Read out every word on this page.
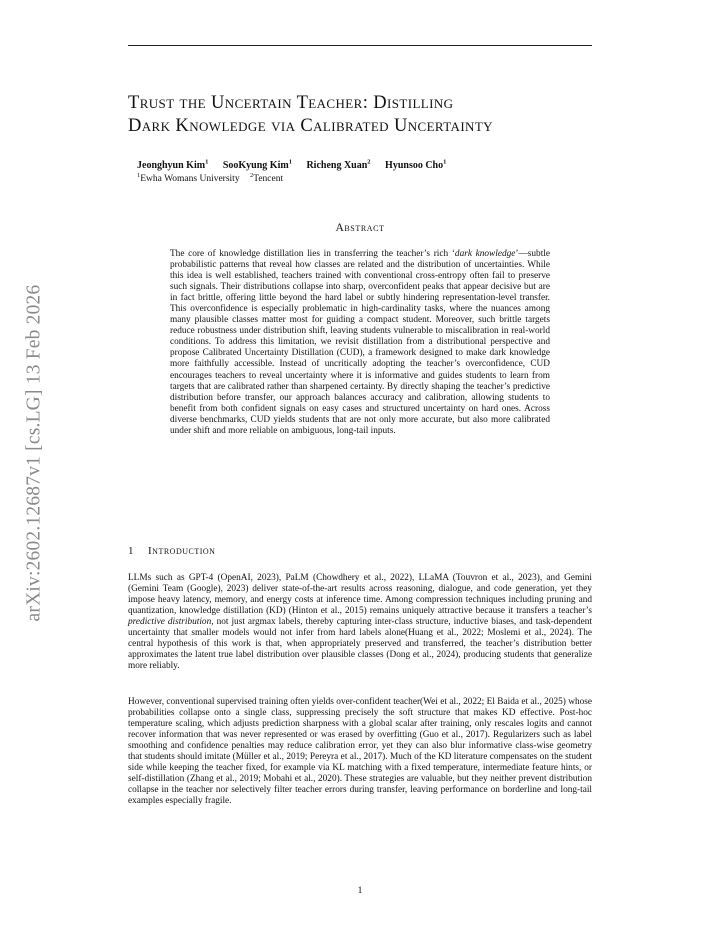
arXiv:2602.12687v1 [cs.LG] 13 Feb 2026
Trust the Uncertain Teacher: Distilling
Dark Knowledge via Calibrated Uncertainty
Jeonghyun Kim$^1$ SooKyung Kim$^1$ Richeng Xuan$^2$ Hyunsoo Cho$^1$
$^1$Ewha Womans University $^2$Tencent
Abstract

The core of knowledge distillation lies in transferring the teacher’s rich ‘dark knowledge’—subtle probabilistic patterns that reveal how classes are related and the distribution of uncertainties. While this idea is well established, teachers trained with conventional cross-entropy often fail to preserve such signals. Their distributions collapse into sharp, overconfident peaks that appear decisive but are in fact brittle, offering little beyond the hard label or subtly hindering representation-level transfer. This overconfidence is especially problematic in high-cardinality tasks, where the nuances among many plausible classes matter most for guiding a compact student. Moreover, such brittle targets reduce robustness under distribution shift, leaving students vulnerable to miscalibration in real-world conditions. To address this limitation, we revisit distillation from a distributional perspective and propose Calibrated Uncertainty Distillation (CUD), a framework designed to make dark knowledge more faithfully accessible. Instead of uncritically adopting the teacher’s overconfidence, CUD encourages teachers to reveal uncertainty where it is informative and guides students to learn from targets that are calibrated rather than sharpened certainty. By directly shaping the teacher’s predictive distribution before transfer, our approach balances accuracy and calibration, allowing students to benefit from both confident signals on easy cases and structured uncertainty on hard ones. Across diverse benchmarks, CUD yields students that are not only more accurate, but also more calibrated under shift and more reliable on ambiguous, long-tail inputs.

1 Introduction

LLMs such as GPT-4 (OpenAI, 2023), PaLM (Chowdhery et al., 2022), LLaMA (Touvron et al., 2023), and Gemini (Gemini Team (Google), 2023) deliver state-of-the-art results across reasoning, dialogue, and code generation, yet they impose heavy latency, memory, and energy costs at inference time. Among compression techniques including pruning and quantization, knowledge distillation (KD) (Hinton et al., 2015) remains uniquely attractive because it transfers a teacher’s predictive distribution, not just argmax labels, thereby capturing inter-class structure, inductive biases, and task-dependent uncertainty that smaller models would not infer from hard labels alone(Huang et al., 2022; Moslemi et al., 2024). The central hypothesis of this work is that, when appropriately preserved and transferred, the teacher’s distribution better approximates the latent true label distribution over plausible classes (Dong et al., 2024), producing students that generalize more reliably.

However, conventional supervised training often yields over-confident teacher(Wei et al., 2022; El Baida et al., 2025) whose probabilities collapse onto a single class, suppressing precisely the soft structure that makes KD effective. Post-hoc temperature scaling, which adjusts prediction sharpness with a global scalar after training, only rescales logits and cannot recover information that was never represented or was erased by overfitting (Guo et al., 2017). Regularizers such as label smoothing and confidence penalties may reduce calibration error, yet they can also blur informative class-wise geometry that students should imitate (Müller et al., 2019; Pereyra et al., 2017). Much of the KD literature compensates on the student side while keeping the teacher fixed, for example via KL matching with a fixed temperature, intermediate feature hints, or self-distillation (Zhang et al., 2019; Mobahi et al., 2020). These strategies are valuable, but they neither prevent distribution collapse in the teacher nor selectively filter teacher errors during transfer, leaving performance on borderline and long-tail examples especially fragile.

1
